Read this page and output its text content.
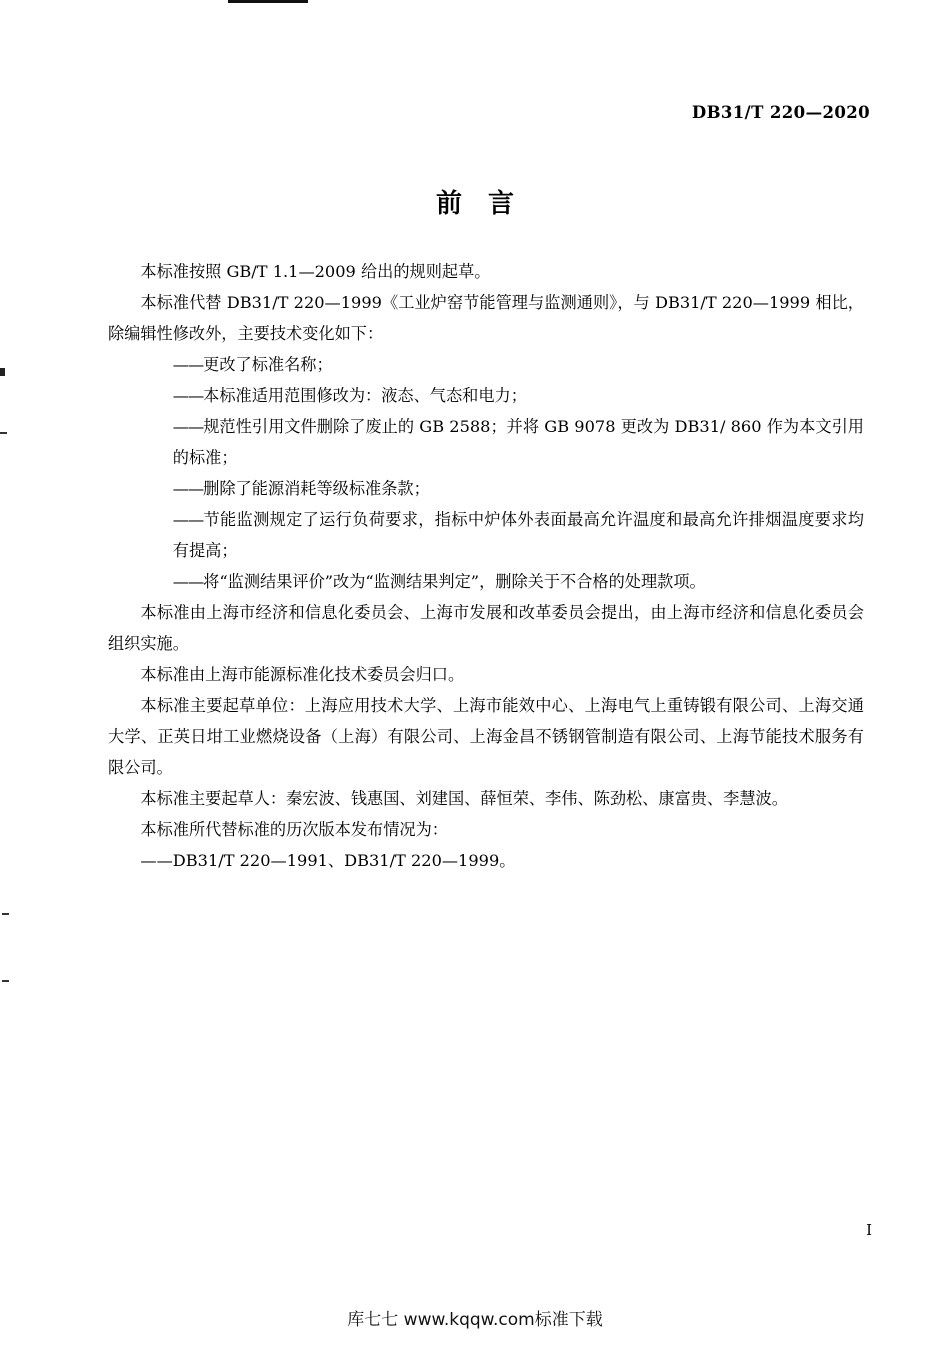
DB31/T 220—2020
前言

本标准按照 GB/T 1.1—2009 给出的规则起草。

本标准代替 DB31/T 220—1999《工业炉窑节能管理与监测通则》，与 DB31/T 220—1999 相比，除编辑性修改外，主要技术变化如下：

——更改了标准名称；

——本标准适用范围修改为：液态、气态和电力；

——规范性引用文件删除了废止的 GB 2588；并将 GB 9078 更改为 DB31/ 860 作为本文引用的标准；

——删除了能源消耗等级标准条款；

——节能监测规定了运行负荷要求，指标中炉体外表面最高允许温度和最高允许排烟温度要求均有提高；

——将“监测结果评价”改为“监测结果判定”，删除关于不合格的处理款项。

本标准由上海市经济和信息化委员会、上海市发展和改革委员会提出，由上海市经济和信息化委员会组织实施。

本标准由上海市能源标准化技术委员会归口。

本标准主要起草单位：上海应用技术大学、上海市能效中心、上海电气上重铸锻有限公司、上海交通大学、正英日坩工业燃烧设备（上海）有限公司、上海金昌不锈钢管制造有限公司、上海节能技术服务有限公司。

本标准主要起草人：秦宏波、钱惠国、刘建国、薛恒荣、李伟、陈劲松、康富贵、李慧波。

本标准所代替标准的历次版本发布情况为：

——DB31/T 220—1991、DB31/T 220—1999。

Ⅰ
库七七 www.kqqw.com标准下载
